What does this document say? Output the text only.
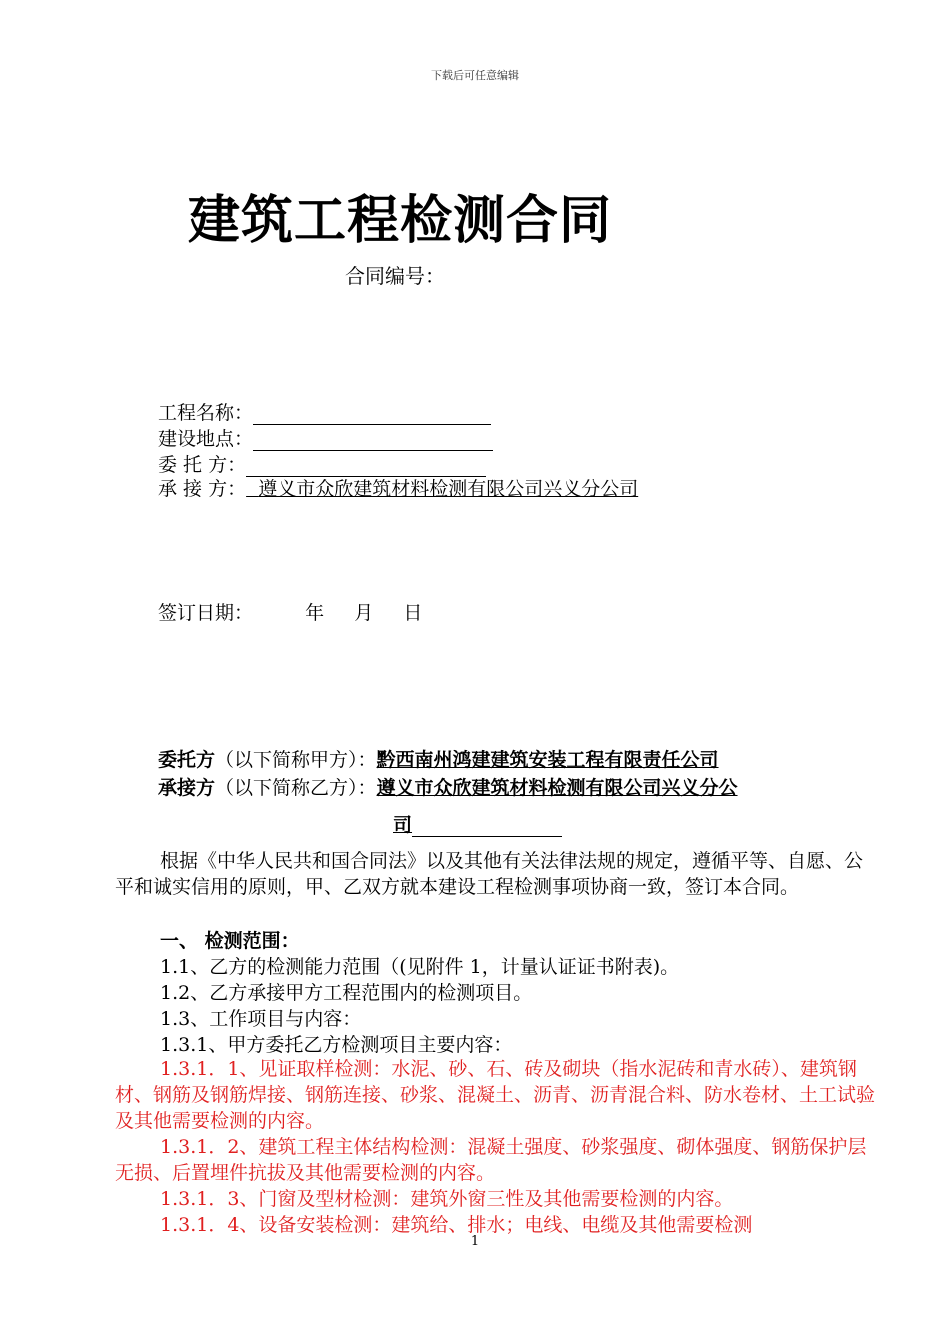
下载后可任意编辑
建筑工程检测合同
合同编号：
工程名称：
建设地点：
委 托 方：
承 接 方： 遵义市众欣建筑材料检测有限公司兴义分公司
签订日期：	年 月 日
委托方（以下简称甲方）：黔西南州鸿建建筑安装工程有限责任公司
承接方（以下简称乙方）：遵义市众欣建筑材料检测有限公司兴义分公
司
根据《中华人民共和国合同法》以及其他有关法律法规的规定，遵循平等、自愿、公平和诚实信用的原则，甲、乙双方就本建设工程检测事项协商一致，签订本合同。
一、 检测范围：
1.1、乙方的检测能力范围（(见附件 1，计量认证证书附表)。
1.2、乙方承接甲方工程范围内的检测项目。
1.3、工作项目与内容：
1.3.1、甲方委托乙方检测项目主要内容：
1.3.1．1、见证取样检测：水泥、砂、石、砖及砌块（指水泥砖和青水砖）、建筑钢材、钢筋及钢筋焊接、钢筋连接、砂浆、混凝土、沥青、沥青混合料、防水卷材、土工试验及其他需要检测的内容。
1.3.1．2、建筑工程主体结构检测：混凝土强度、砂浆强度、砌体强度、钢筋保护层无损、后置埋件抗拔及其他需要检测的内容。
1.3.1．3、门窗及型材检测：建筑外窗三性及其他需要检测的内容。
1.3.1．4、设备安装检测：建筑给、排水；电线、电缆及其他需要检测
1
